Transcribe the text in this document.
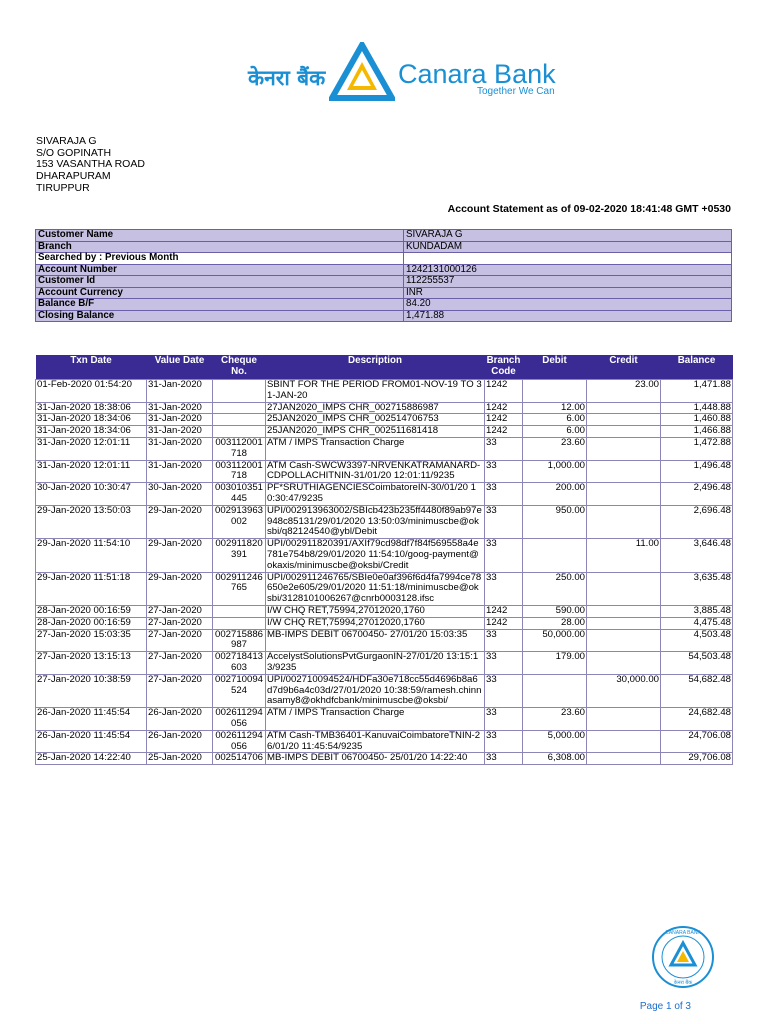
केनरा बैंक	Canara Bank
Together We Can
SIVARAJA G
S/O GOPINATH
153 VASANTHA ROAD
DHARAPURAM
TIRUPPUR
Account Statement as of 09-02-2020 18:41:48 GMT +0530
Customer Name	SIVARAJA G
Branch	KUNDADAM
Searched by : Previous Month	
Account Number	1242131000126
Customer Id	112255537
Account Currency	INR
Balance B/F	84.20
Closing Balance	1,471.88
Txn Date	Value Date	Cheque No.	Description	Branch Code	Debit	Credit	Balance
01-Feb-2020 01:54:20	31-Jan-2020		SBINT FOR THE PERIOD FROM01-NOV-19 TO 31-JAN-20	1242		23.00	1,471.88
31-Jan-2020 18:38:06	31-Jan-2020		27JAN2020_IMPS CHR_002715886987	1242	12.00		1,448.88
31-Jan-2020 18:34:06	31-Jan-2020		25JAN2020_IMPS CHR_002514706753	1242	6.00		1,460.88
31-Jan-2020 18:34:06	31-Jan-2020		25JAN2020_IMPS CHR_002511681418	1242	6.00		1,466.88
31-Jan-2020 12:01:11	31-Jan-2020	003112001718	ATM / IMPS Transaction Charge	33	23.60		1,472.88
31-Jan-2020 12:01:11	31-Jan-2020	003112001718	ATM Cash-SWCW3397-NRVENKATRAMANARD-CDPOLLACHITNIN-31/01/20 12:01:11/9235	33	1,000.00		1,496.48
30-Jan-2020 10:30:47	30-Jan-2020	003010351445	PF*SRUTHIAGENCIESCoimbatoreIN-30/01/20 10:30:47/9235	33	200.00		2,496.48
29-Jan-2020 13:50:03	29-Jan-2020	002913963002	UPI/002913963002/SBIcb423b235ff4480f89ab97e948c85131/29/01/2020 13:50:03/minimuscbe@oksbi/q82124540@ybl/Debit	33	950.00		2,696.48
29-Jan-2020 11:54:10	29-Jan-2020	002911820391	UPI/002911820391/AXIf79cd98df7f84f569558a4e781e754b8/29/01/2020 11:54:10/goog-payment@okaxis/minimuscbe@oksbi/Credit	33		11.00	3,646.48
29-Jan-2020 11:51:18	29-Jan-2020	002911246765	UPI/002911246765/SBIe0e0af396f6d4fa7994ce78650e2e605/29/01/2020 11:51:18/minimuscbe@oksbi/3128101006267@cnrb0003128.ifsc	33	250.00		3,635.48
28-Jan-2020 00:16:59	27-Jan-2020		I/W CHQ RET,75994,27012020,1760	1242	590.00		3,885.48
28-Jan-2020 00:16:59	27-Jan-2020		I/W CHQ RET,75994,27012020,1760	1242	28.00		4,475.48
27-Jan-2020 15:03:35	27-Jan-2020	002715886987	MB-IMPS DEBIT 06700450- 27/01/20 15:03:35	33	50,000.00		4,503.48
27-Jan-2020 13:15:13	27-Jan-2020	002718413603	AccelystSolutionsPvtGurgaonIN-27/01/20 13:15:13/9235	33	179.00		54,503.48
27-Jan-2020 10:38:59	27-Jan-2020	002710094524	UPI/002710094524/HDFa30e718cc55d4696b8a6d7d9b6a4c03d/27/01/2020 10:38:59/ramesh.chinnasamy8@okhdfcbank/minimuscbe@oksbi/	33		30,000.00	54,682.48
26-Jan-2020 11:45:54	26-Jan-2020	002611294056	ATM / IMPS Transaction Charge	33	23.60		24,682.48
26-Jan-2020 11:45:54	26-Jan-2020	002611294056	ATM Cash-TMB36401-KanuvaiCoimbatoreTNIN-26/01/20 11:45:54/9235	33	5,000.00		24,706.08
25-Jan-2020 14:22:40	25-Jan-2020	002514706	MB-IMPS DEBIT 06700450- 25/01/20 14:22:40	33	6,308.00		29,706.08
CANARA BANK
केनरा बैंक
Page 1 of 3
